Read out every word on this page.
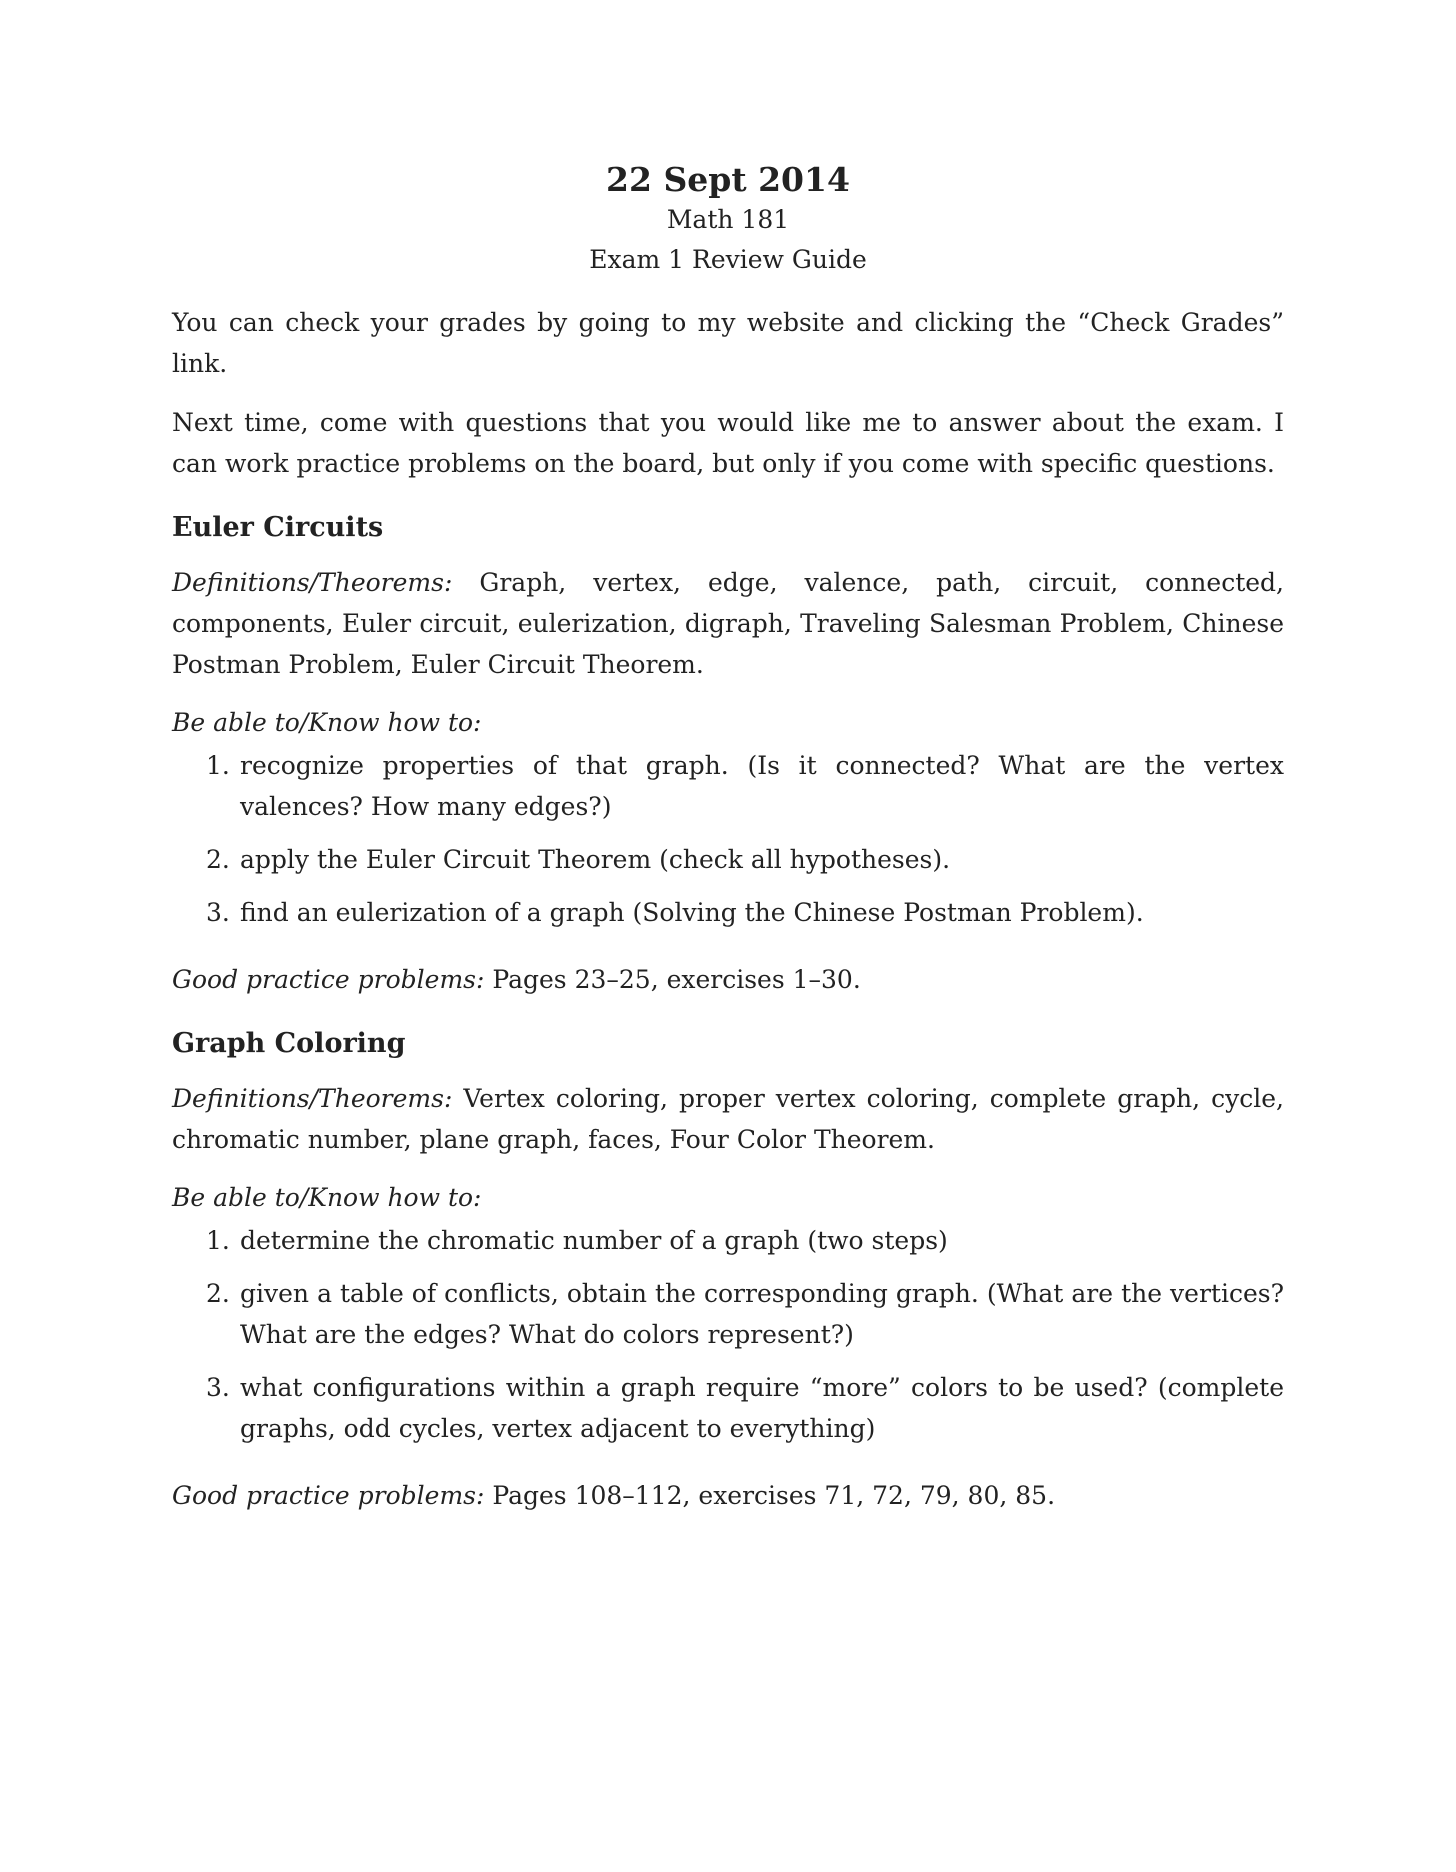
22 Sept 2014
Math 181
Exam 1 Review Guide

You can check your grades by going to my website and clicking the “Check Grades” link.

Next time, come with questions that you would like me to answer about the exam. I can work practice problems on the board, but only if you come with specific questions.

Euler Circuits

Definitions/Theorems: Graph, vertex, edge, valence, path, circuit, connected, components, Euler circuit, eulerization, digraph, Traveling Salesman Problem, Chinese Postman Problem, Euler Circuit Theorem.

Be able to/Know how to:
1. recognize properties of that graph. (Is it connected? What are the vertex valences? How many edges?)
2. apply the Euler Circuit Theorem (check all hypotheses).
3. find an eulerization of a graph (Solving the Chinese Postman Problem).

Good practice problems: Pages 23–25, exercises 1–30.

Graph Coloring

Definitions/Theorems: Vertex coloring, proper vertex coloring, complete graph, cycle, chromatic number, plane graph, faces, Four Color Theorem.

Be able to/Know how to:
1. determine the chromatic number of a graph (two steps)
2. given a table of conflicts, obtain the corresponding graph. (What are the vertices? What are the edges? What do colors represent?)
3. what configurations within a graph require “more” colors to be used? (complete graphs, odd cycles, vertex adjacent to everything)

Good practice problems: Pages 108–112, exercises 71, 72, 79, 80, 85.
